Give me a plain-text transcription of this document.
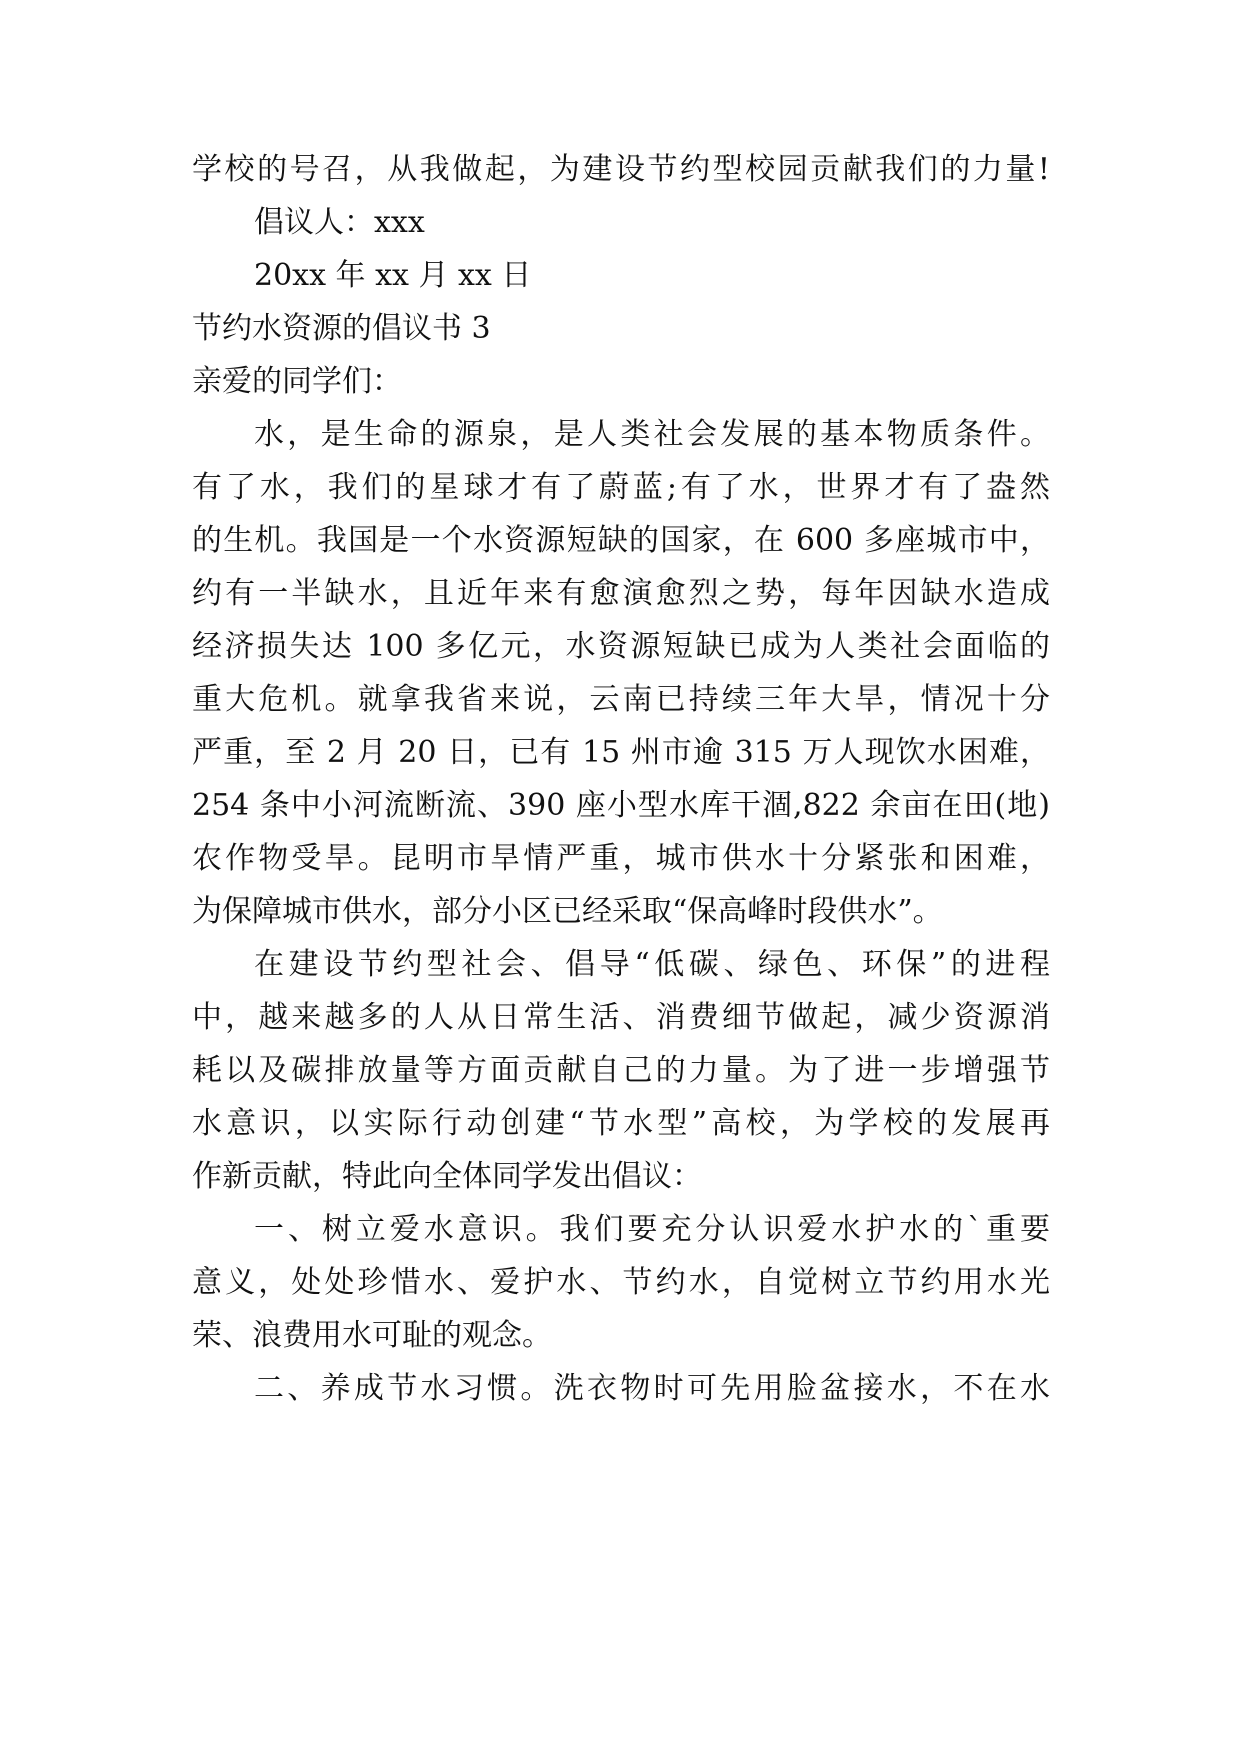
学校的号召，从我做起，为建设节约型校园贡献我们的力量!
倡议人：xxx
20xx 年 xx 月 xx 日
节约水资源的倡议书 3
亲爱的同学们：
水，是生命的源泉，是人类社会发展的基本物质条件。
有了水，我们的星球才有了蔚蓝;有了水，世界才有了盎然
的生机。我国是一个水资源短缺的国家，在 600 多座城市中，
约有一半缺水，且近年来有愈演愈烈之势，每年因缺水造成
经济损失达 100 多亿元，水资源短缺已成为人类社会面临的
重大危机。就拿我省来说，云南已持续三年大旱，情况十分
严重，至 2 月 20 日，已有 15 州市逾 315 万人现饮水困难，
254 条中小河流断流、390 座小型水库干涸,822 余亩在田(地)
农作物受旱。昆明市旱情严重，城市供水十分紧张和困难，
为保障城市供水，部分小区已经采取“保高峰时段供水”。
在建设节约型社会、倡导“低碳、绿色、环保”的进程
中，越来越多的人从日常生活、消费细节做起，减少资源消
耗以及碳排放量等方面贡献自己的力量。为了进一步增强节
水意识，以实际行动创建“节水型”高校，为学校的发展再
作新贡献，特此向全体同学发出倡议：
一、树立爱水意识。我们要充分认识爱水护水的`重要
意义，处处珍惜水、爱护水、节约水，自觉树立节约用水光
荣、浪费用水可耻的观念。
二、养成节水习惯。洗衣物时可先用脸盆接水，不在水
